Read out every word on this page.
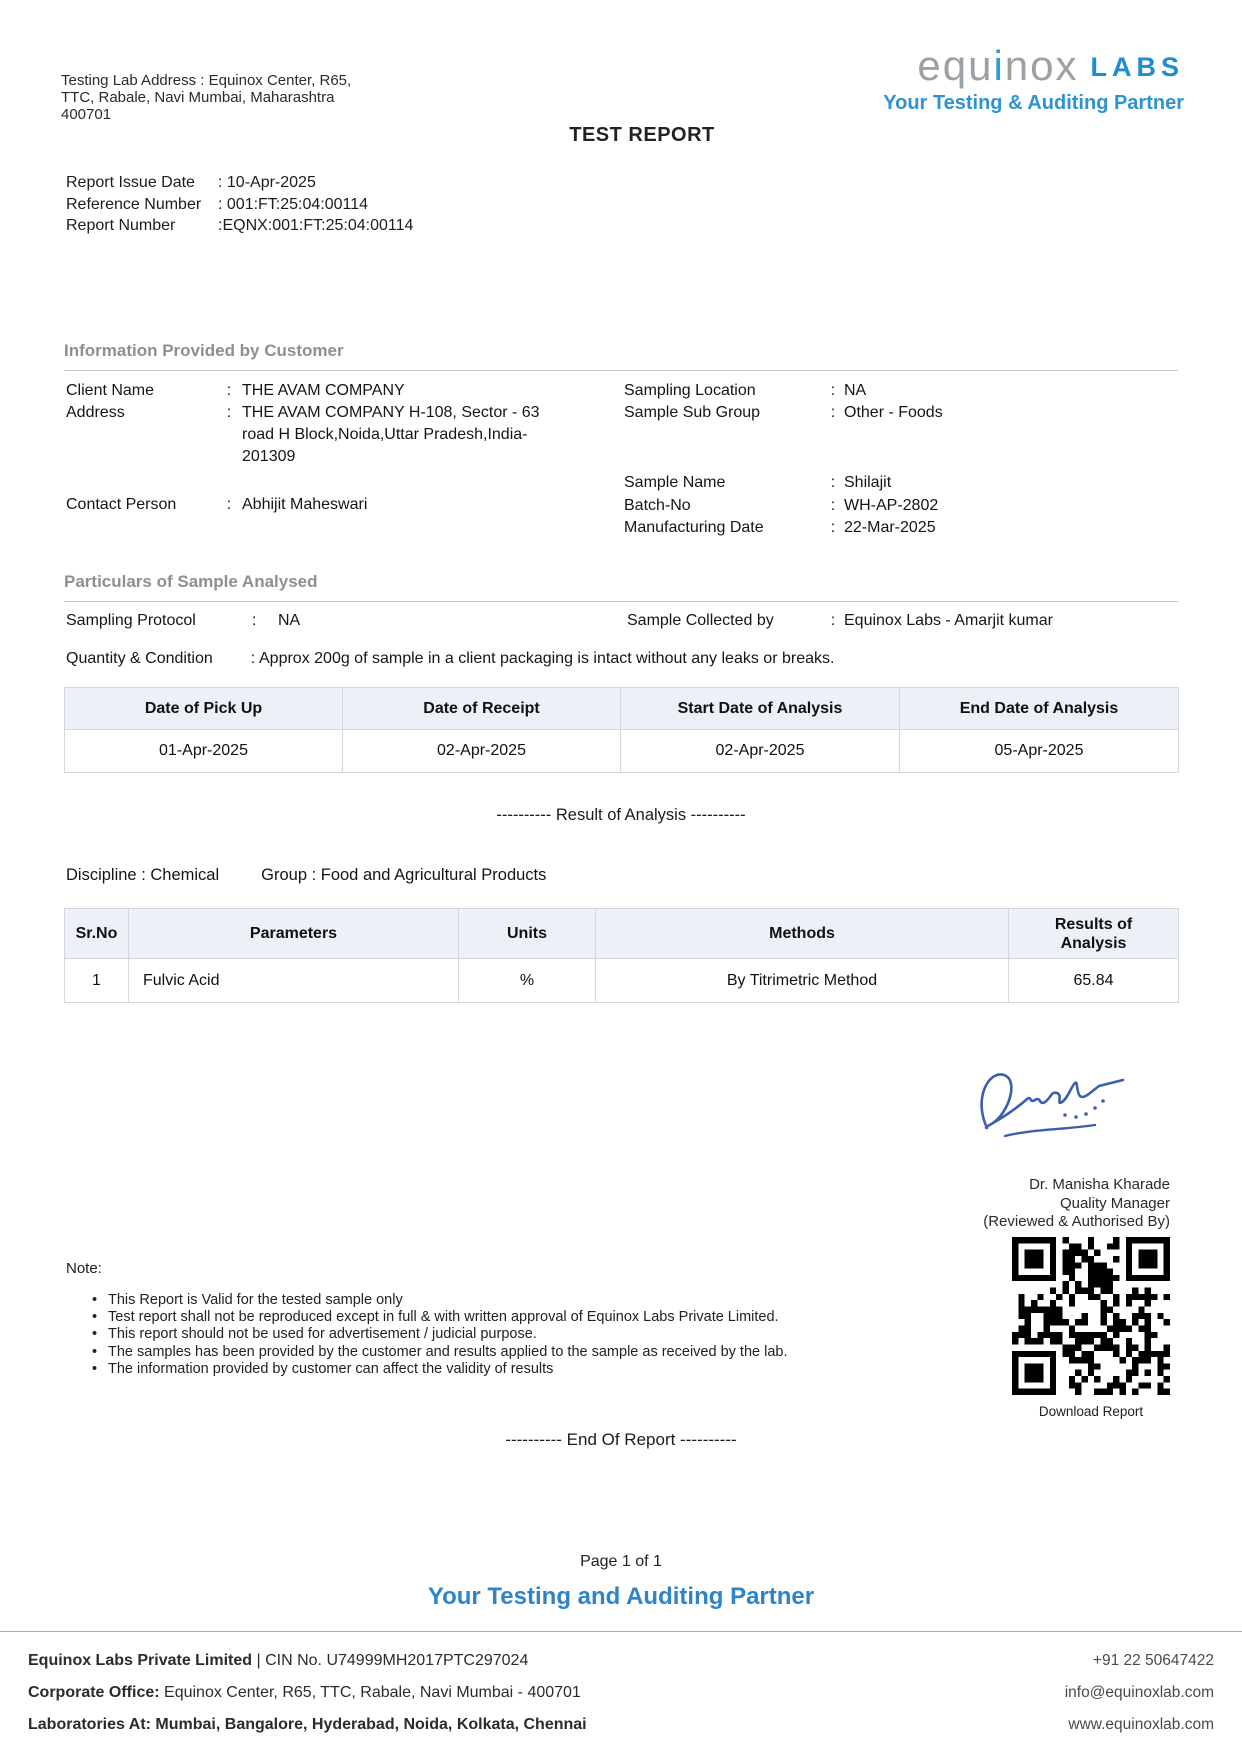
Testing Lab Address : Equinox Center, R65,
TTC, Rabale, Navi Mumbai, Maharashtra
400701
equinox LABS
Your Testing & Auditing Partner
TEST REPORT
Report Issue Date	: 10-Apr-2025
Reference Number	: 001:FT:25:04:00114
Report Number	:EQNX:001:FT:25:04:00114
Information Provided by Customer
Client Name	: THE AVAM COMPANY
Address	: THE AVAM COMPANY H-108, Sector - 63 road H Block,Noida,Uttar Pradesh,India-201309
Contact Person	: Abhijit Maheswari
Sampling Location	: NA
Sample Sub Group	: Other - Foods
Sample Name	: Shilajit
Batch-No	: WH-AP-2802
Manufacturing Date	: 22-Mar-2025
Particulars of Sample Analysed
Sampling Protocol	:	NA	Sample Collected by	: Equinox Labs - Amarjit kumar
Quantity & Condition	: Approx 200g of sample in a client packaging is intact without any leaks or breaks.
Date of Pick Up	Date of Receipt	Start Date of Analysis	End Date of Analysis
01-Apr-2025	02-Apr-2025	02-Apr-2025	05-Apr-2025
---------- Result of Analysis ----------
Discipline : Chemical	Group : Food and Agricultural Products
Sr.No	Parameters	Units	Methods	Results of Analysis
1	Fulvic Acid	%	By Titrimetric Method	65.84
Dr. Manisha Kharade
Quality Manager
(Reviewed & Authorised By)
Download Report
Note:
• This Report is Valid for the tested sample only
• Test report shall not be reproduced except in full & with written approval of Equinox Labs Private Limited.
• This report should not be used for advertisement / judicial purpose.
• The samples has been provided by the customer and results applied to the sample as received by the lab.
• The information provided by customer can affect the validity of results
---------- End Of Report ----------
Page 1 of 1
Your Testing and Auditing Partner
Equinox Labs Private Limited | CIN No. U74999MH2017PTC297024	+91 22 50647422
Corporate Office: Equinox Center, R65, TTC, Rabale, Navi Mumbai - 400701	info@equinoxlab.com
Laboratories At: Mumbai, Bangalore, Hyderabad, Noida, Kolkata, Chennai	www.equinoxlab.com
